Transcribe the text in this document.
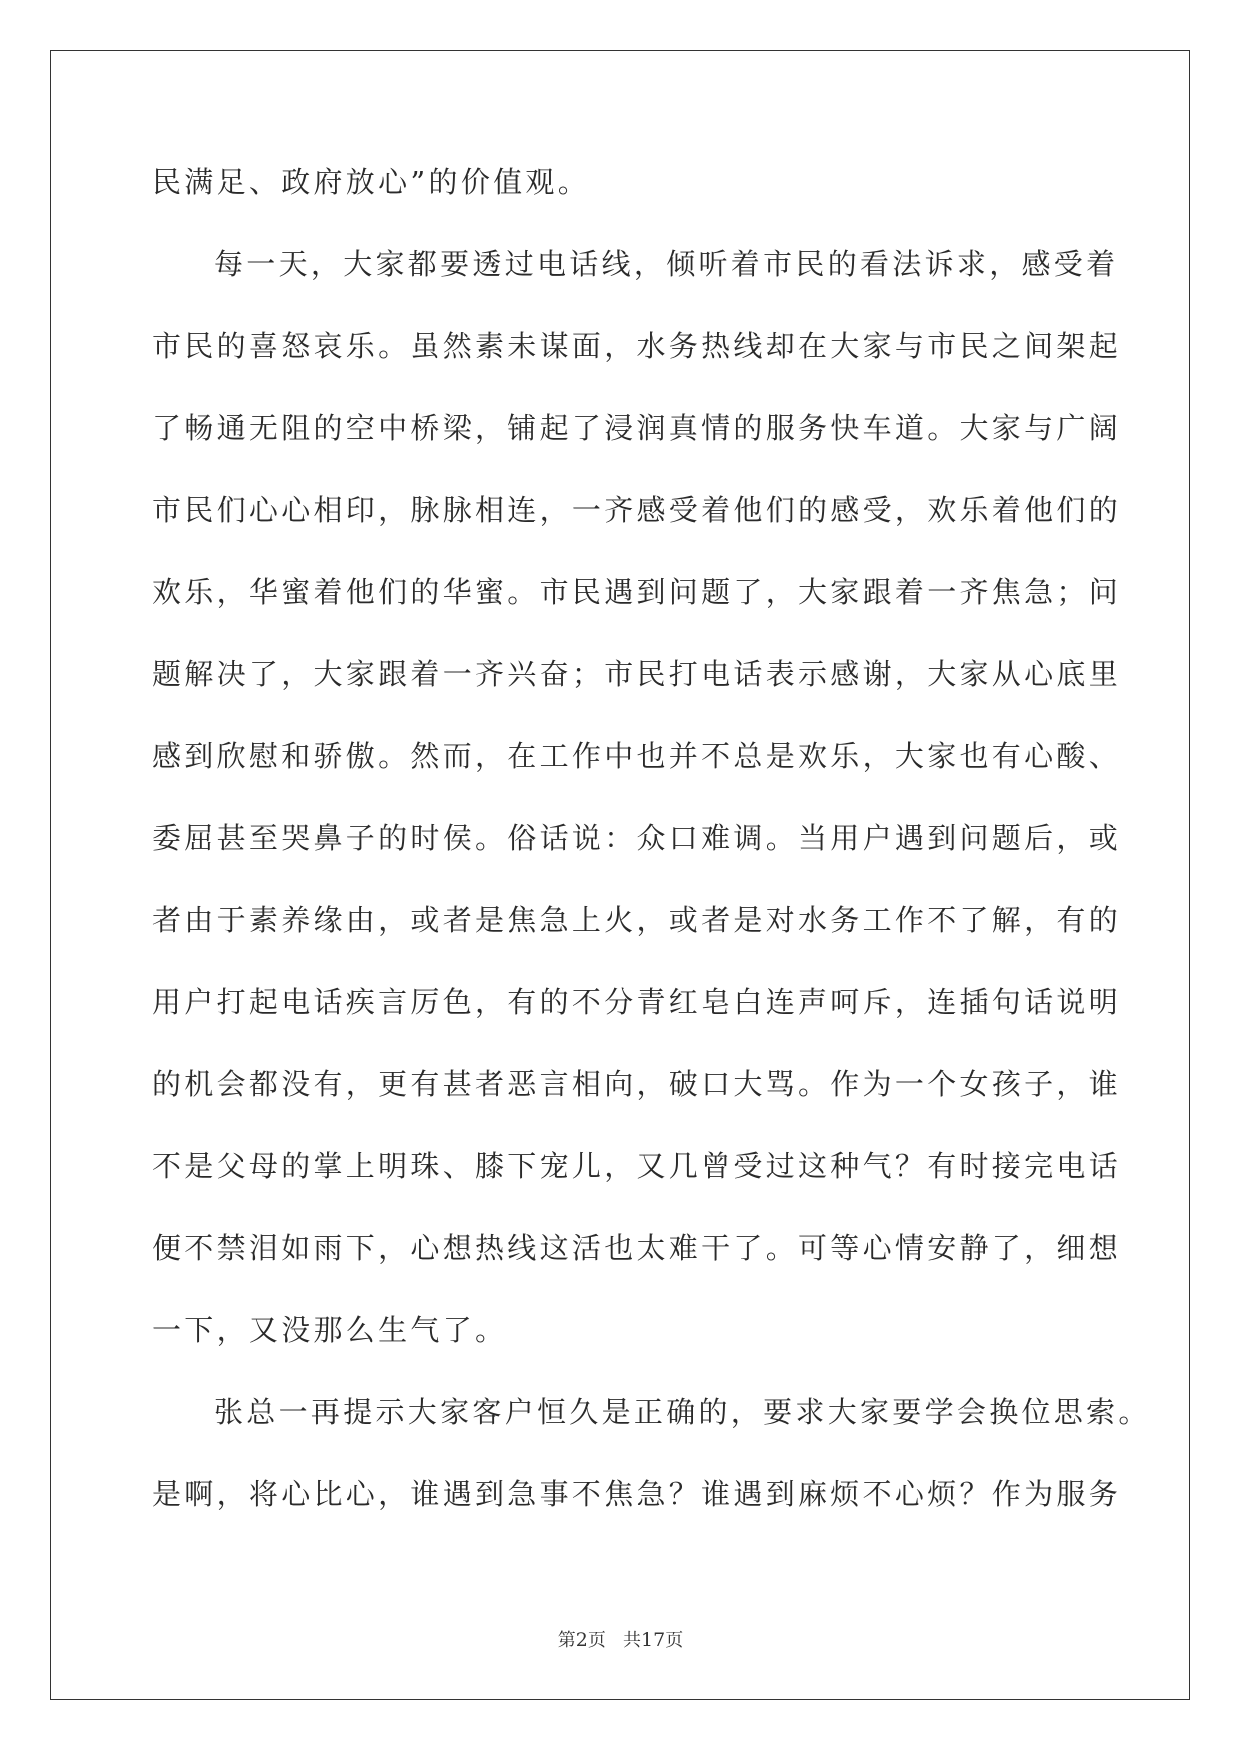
民满足、政府放心”的价值观。
每一天，大家都要透过电话线，倾听着市民的看法诉求，感受着
市民的喜怒哀乐。虽然素未谋面，水务热线却在大家与市民之间架起
了畅通无阻的空中桥梁，铺起了浸润真情的服务快车道。大家与广阔
市民们心心相印，脉脉相连，一齐感受着他们的感受，欢乐着他们的
欢乐，华蜜着他们的华蜜。市民遇到问题了，大家跟着一齐焦急；问
题解决了，大家跟着一齐兴奋；市民打电话表示感谢，大家从心底里
感到欣慰和骄傲。然而，在工作中也并不总是欢乐，大家也有心酸、
委屈甚至哭鼻子的时侯。俗话说：众口难调。当用户遇到问题后，或
者由于素养缘由，或者是焦急上火，或者是对水务工作不了解，有的
用户打起电话疾言厉色，有的不分青红皂白连声呵斥，连插句话说明
的机会都没有，更有甚者恶言相向，破口大骂。作为一个女孩子，谁
不是父母的掌上明珠、膝下宠儿，又几曾受过这种气？有时接完电话
便不禁泪如雨下，心想热线这活也太难干了。可等心情安静了，细想
一下，又没那么生气了。
张总一再提示大家客户恒久是正确的，要求大家要学会换位思索。
是啊，将心比心，谁遇到急事不焦急？谁遇到麻烦不心烦？作为服务
第2页 共17页
